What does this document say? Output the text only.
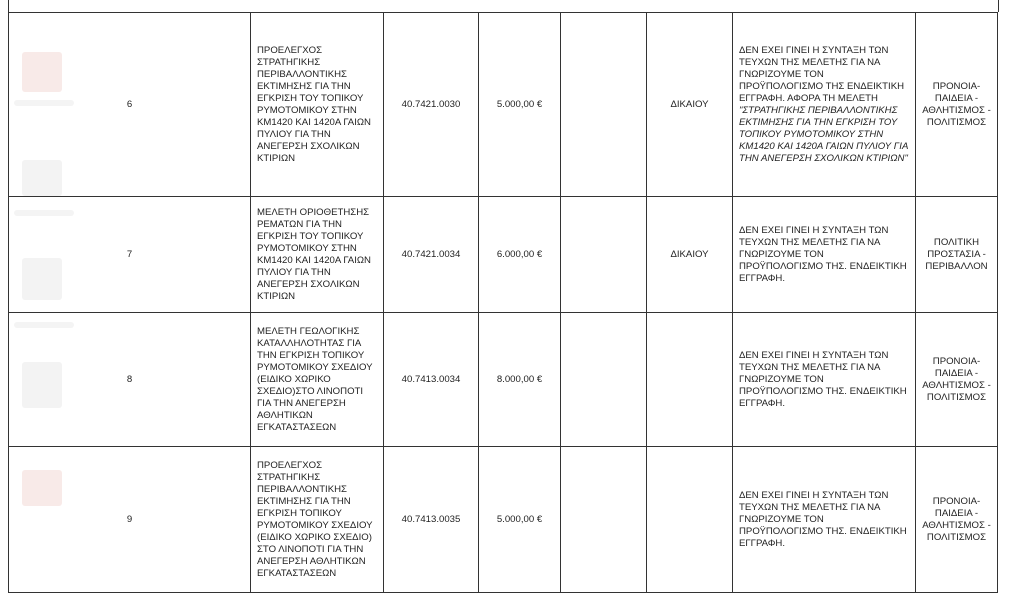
6	ΠΡΟΕΛΕΓΧΟΣ ΣΤΡΑΤΗΓΙΚΗΣ ΠΕΡΙΒΑΛΛΟΝΤΙΚΗΣ ΕΚΤΙΜΗΣΗΣ ΓΙΑ ΤΗΝ ΕΓΚΡΙΣΗ ΤΟΥ ΤΟΠΙΚΟΥ ΡΥΜΟΤΟΜΙΚΟΥ ΣΤΗΝ ΚΜ1420 ΚΑΙ 1420Α ΓΑΙΩΝ ΠΥΛΙΟΥ ΓΙΑ ΤΗΝ ΑΝΕΓΕΡΣΗ ΣΧΟΛΙΚΩΝ ΚΤΙΡΙΩΝ	40.7421.0030	5.000,00 €		ΔΙΚΑΙΟΥ	ΔΕΝ ΕΧΕΙ ΓΙΝΕΙ Η ΣΥΝΤΑΞΗ ΤΩΝ ΤΕΥΧΩΝ ΤΗΣ ΜΕΛΕΤΗΣ ΓΙΑ ΝΑ ΓΝΩΡΙΖΟΥΜΕ ΤΟΝ ΠΡΟΫΠΟΛΟΓΙΣΜΟ ΤΗΣ ΕΝΔΕΙΚΤΙΚΗ ΕΓΓΡΑΦΗ. ΑΦΟΡΑ ΤΗ ΜΕΛΕΤΗ "ΣΤΡΑΤΗΓΙΚΗΣ ΠΕΡΙΒΑΛΛΟΝΤΙΚΗΣ ΕΚΤΙΜΗΣΗΣ ΓΙΑ ΤΗΝ ΕΓΚΡΙΣΗ ΤΟΥ ΤΟΠΙΚΟΥ ΡΥΜΟΤΟΜΙΚΟΥ ΣΤΗΝ ΚΜ1420 ΚΑΙ 1420Α ΓΑΙΩΝ ΠΥΛΙΟΥ ΓΙΑ ΤΗΝ ΑΝΕΓΕΡΣΗ ΣΧΟΛΙΚΩΝ ΚΤΙΡΙΩΝ"	ΠΡΟΝΟΙΑ- ΠΑΙΔΕΙΑ - ΑΘΛΗΤΙΣΜΟΣ - ΠΟΛΙΤΙΣΜΟΣ
7	ΜΕΛΕΤΗ ΟΡΙΟΘΕΤΗΣΗΣ ΡΕΜΑΤΩΝ ΓΙΑ ΤΗΝ ΕΓΚΡΙΣΗ ΤΟΥ ΤΟΠΙΚΟΥ ΡΥΜΟΤΟΜΙΚΟΥ ΣΤΗΝ ΚΜ1420 ΚΑΙ 1420Α ΓΑΙΩΝ ΠΥΛΙΟΥ ΓΙΑ ΤΗΝ ΑΝΕΓΕΡΣΗ ΣΧΟΛΙΚΩΝ ΚΤΙΡΙΩΝ	40.7421.0034	6.000,00 €		ΔΙΚΑΙΟΥ	ΔΕΝ ΕΧΕΙ ΓΙΝΕΙ Η ΣΥΝΤΑΞΗ ΤΩΝ ΤΕΥΧΩΝ ΤΗΣ ΜΕΛΕΤΗΣ ΓΙΑ ΝΑ ΓΝΩΡΙΖΟΥΜΕ ΤΟΝ ΠΡΟΫΠΟΛΟΓΙΣΜΟ ΤΗΣ. ΕΝΔΕΙΚΤΙΚΗ ΕΓΓΡΑΦΗ.	ΠΟΛΙΤΙΚΗ ΠΡΟΣΤΑΣΙΑ - ΠΕΡΙΒΑΛΛΟΝ
8	ΜΕΛΕΤΗ ΓΕΩΛΟΓΙΚΗΣ ΚΑΤΑΛΛΗΛΟΤΗΤΑΣ ΓΙΑ ΤΗΝ ΕΓΚΡΙΣΗ ΤΟΠΙΚΟΥ ΡΥΜΟΤΟΜΙΚΟΥ ΣΧΕΔΙΟΥ (ΕΙΔΙΚΟ ΧΩΡΙΚΟ ΣΧΕΔΙΟ)ΣΤΟ ΛΙΝΟΠΟΤΙ ΓΙΑ ΤΗΝ ΑΝΕΓΕΡΣΗ ΑΘΛΗΤΙΚΩΝ ΕΓΚΑΤΑΣΤΑΣΕΩΝ	40.7413.0034	8.000,00 €			ΔΕΝ ΕΧΕΙ ΓΙΝΕΙ Η ΣΥΝΤΑΞΗ ΤΩΝ ΤΕΥΧΩΝ ΤΗΣ ΜΕΛΕΤΗΣ ΓΙΑ ΝΑ ΓΝΩΡΙΖΟΥΜΕ ΤΟΝ ΠΡΟΫΠΟΛΟΓΙΣΜΟ ΤΗΣ. ΕΝΔΕΙΚΤΙΚΗ ΕΓΓΡΑΦΗ.	ΠΡΟΝΟΙΑ- ΠΑΙΔΕΙΑ - ΑΘΛΗΤΙΣΜΟΣ - ΠΟΛΙΤΙΣΜΟΣ
9	ΠΡΟΕΛΕΓΧΟΣ ΣΤΡΑΤΗΓΙΚΗΣ ΠΕΡΙΒΑΛΛΟΝΤΙΚΗΣ ΕΚΤΙΜΗΣΗΣ ΓΙΑ ΤΗΝ ΕΓΚΡΙΣΗ ΤΟΠΙΚΟΥ ΡΥΜΟΤΟΜΙΚΟΥ ΣΧΕΔΙΟΥ (ΕΙΔΙΚΟ ΧΩΡΙΚΟ ΣΧΕΔΙΟ) ΣΤΟ ΛΙΝΟΠΟΤΙ ΓΙΑ ΤΗΝ ΑΝΕΓΕΡΣΗ ΑΘΛΗΤΙΚΩΝ ΕΓΚΑΤΑΣΤΑΣΕΩΝ	40.7413.0035	5.000,00 €			ΔΕΝ ΕΧΕΙ ΓΙΝΕΙ Η ΣΥΝΤΑΞΗ ΤΩΝ ΤΕΥΧΩΝ ΤΗΣ ΜΕΛΕΤΗΣ ΓΙΑ ΝΑ ΓΝΩΡΙΖΟΥΜΕ ΤΟΝ ΠΡΟΫΠΟΛΟΓΙΣΜΟ ΤΗΣ. ΕΝΔΕΙΚΤΙΚΗ ΕΓΓΡΑΦΗ.	ΠΡΟΝΟΙΑ- ΠΑΙΔΕΙΑ - ΑΘΛΗΤΙΣΜΟΣ - ΠΟΛΙΤΙΣΜΟΣ
